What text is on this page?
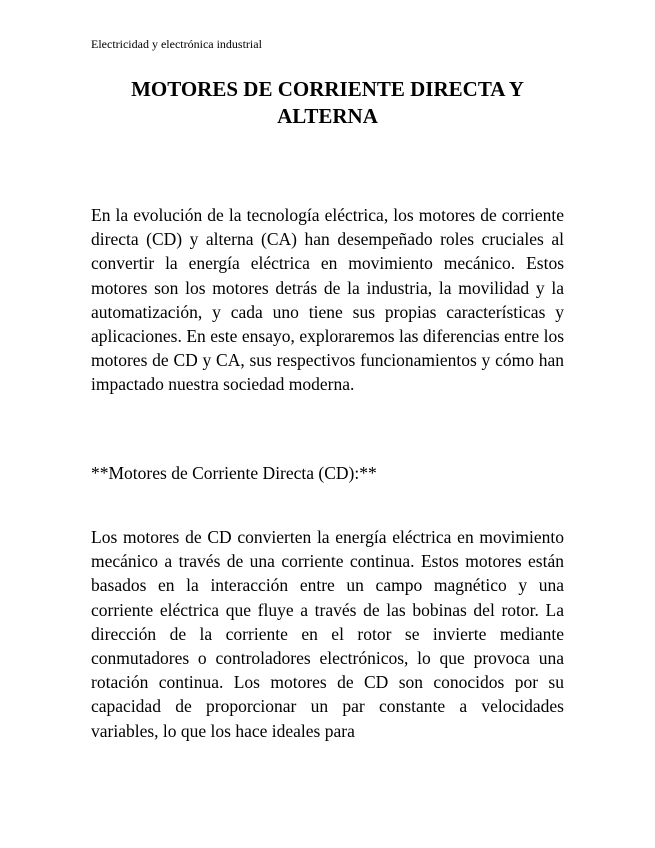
Electricidad y electrónica industrial
MOTORES DE CORRIENTE DIRECTA Y ALTERNA

En la evolución de la tecnología eléctrica, los motores de corriente directa (CD) y alterna (CA) han desempeñado roles cruciales al convertir la energía eléctrica en movimiento mecánico. Estos motores son los motores detrás de la industria, la movilidad y la automatización, y cada uno tiene sus propias características y aplicaciones. En este ensayo, exploraremos las diferencias entre los motores de CD y CA, sus respectivos funcionamientos y cómo han impactado nuestra sociedad moderna.

**Motores de Corriente Directa (CD):**

Los motores de CD convierten la energía eléctrica en movimiento mecánico a través de una corriente continua. Estos motores están basados en la interacción entre un campo magnético y una corriente eléctrica que fluye a través de las bobinas del rotor. La dirección de la corriente en el rotor se invierte mediante conmutadores o controladores electrónicos, lo que provoca una rotación continua. Los motores de CD son conocidos por su capacidad de proporcionar un par constante a velocidades variables, lo que los hace ideales para
